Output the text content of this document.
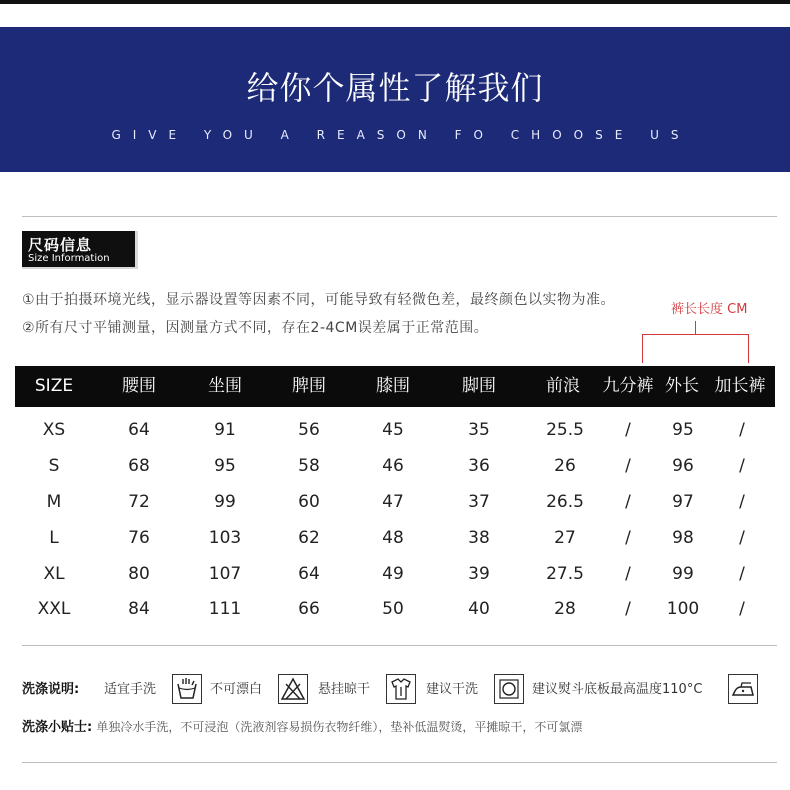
给你个属性了解我们
GIVE YOU A REASON FO CHOOSE US
尺码信息
Size Information
①由于拍摄环境光线，显示器设置等因素不同，可能导致有轻微色差，最终颜色以实物为准。
②所有尺寸平铺测量，因测量方式不同，存在2-4CM误差属于正常范围。
裤长长度 CM
SIZE	腰围	坐围	脾围	膝围	脚围	前浪	九分裤 外长 加长裤
XS	64	91	56	45	35	25.5	/	95	/
S	68	95	58	46	36	26	/	96	/
M	72	99	60	47	37	26.5	/	97	/
L	76	103	62	48	38	27	/	98	/
XL	80	107	64	49	39	27.5	/	99	/
XXL	84	111	66	50	40	28	/	100	/
洗涤说明: 适宜手洗	不可漂白	悬挂晾干	建议干洗	建议熨斗底板最高温度110°C
洗涤小贴士: 单独冷水手洗，不可浸泡（洗液剂容易损伤衣物纤维），垫补低温熨烫，平摊晾干，不可氯漂
